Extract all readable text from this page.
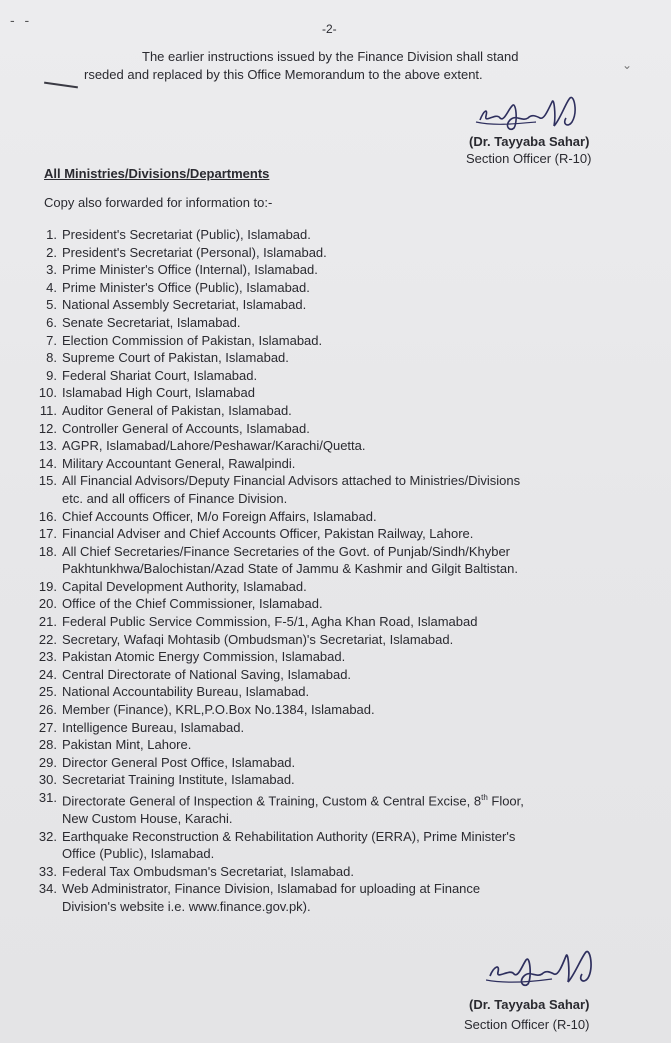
- -
⌄
-2-
The earlier instructions issued by the Finance Division shall stand
rseded and replaced by this Office Memorandum to the above extent.
(Dr. Tayyaba Sahar)
Section Officer (R-10)
All Ministries/Divisions/Departments
Copy also forwarded for information to:-
1. President's Secretariat (Public), Islamabad.
2. President's Secretariat (Personal), Islamabad.
3. Prime Minister's Office (Internal), Islamabad.
4. Prime Minister's Office (Public), Islamabad.
5. National Assembly Secretariat, Islamabad.
6. Senate Secretariat, Islamabad.
7. Election Commission of Pakistan, Islamabad.
8. Supreme Court of Pakistan, Islamabad.
9. Federal Shariat Court, Islamabad.
10. Islamabad High Court, Islamabad
11. Auditor General of Pakistan, Islamabad.
12. Controller General of Accounts, Islamabad.
13. AGPR, Islamabad/Lahore/Peshawar/Karachi/Quetta.
14. Military Accountant General, Rawalpindi.
15. All Financial Advisors/Deputy Financial Advisors attached to Ministries/Divisions
etc. and all officers of Finance Division.
16. Chief Accounts Officer, M/o Foreign Affairs, Islamabad.
17. Financial Adviser and Chief Accounts Officer, Pakistan Railway, Lahore.
18. All Chief Secretaries/Finance Secretaries of the Govt. of Punjab/Sindh/Khyber
Pakhtunkhwa/Balochistan/Azad State of Jammu & Kashmir and Gilgit Baltistan.
19. Capital Development Authority, Islamabad.
20. Office of the Chief Commissioner, Islamabad.
21. Federal Public Service Commission, F-5/1, Agha Khan Road, Islamabad
22. Secretary, Wafaqi Mohtasib (Ombudsman)'s Secretariat, Islamabad.
23. Pakistan Atomic Energy Commission, Islamabad.
24. Central Directorate of National Saving, Islamabad.
25. National Accountability Bureau, Islamabad.
26. Member (Finance), KRL,P.O.Box No.1384, Islamabad.
27. Intelligence Bureau, Islamabad.
28. Pakistan Mint, Lahore.
29. Director General Post Office, Islamabad.
30. Secretariat Training Institute, Islamabad.
31. Directorate General of Inspection & Training, Custom & Central Excise, 8th Floor,
New Custom House, Karachi.
32. Earthquake Reconstruction & Rehabilitation Authority (ERRA), Prime Minister's
Office (Public), Islamabad.
33. Federal Tax Ombudsman's Secretariat, Islamabad.
34. Web Administrator, Finance Division, Islamabad for uploading at Finance
Division's website i.e. www.finance.gov.pk).
(Dr. Tayyaba Sahar)
Section Officer (R-10)
